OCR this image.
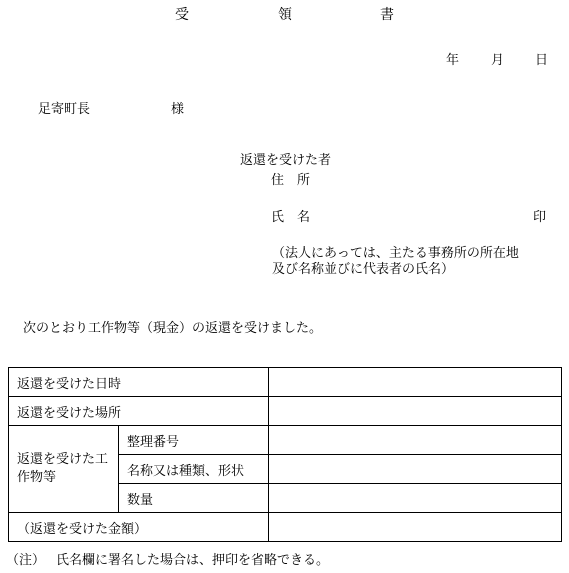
受	領	書
年 月 日
足寄町長	様
返還を受けた者
住　所
氏　名	印
（法人にあっては、主たる事務所の所在地
及び名称並びに代表者の氏名）
次のとおり工作物等（現金）の返還を受けました。
返還を受けた日時		
返還を受けた場所		
返還を受けた工
作物等	整理番号	
	名称又は種類、形状	
	数量	
（返還を受けた金額）		
（注） 氏名欄に署名した場合は、押印を省略できる。
